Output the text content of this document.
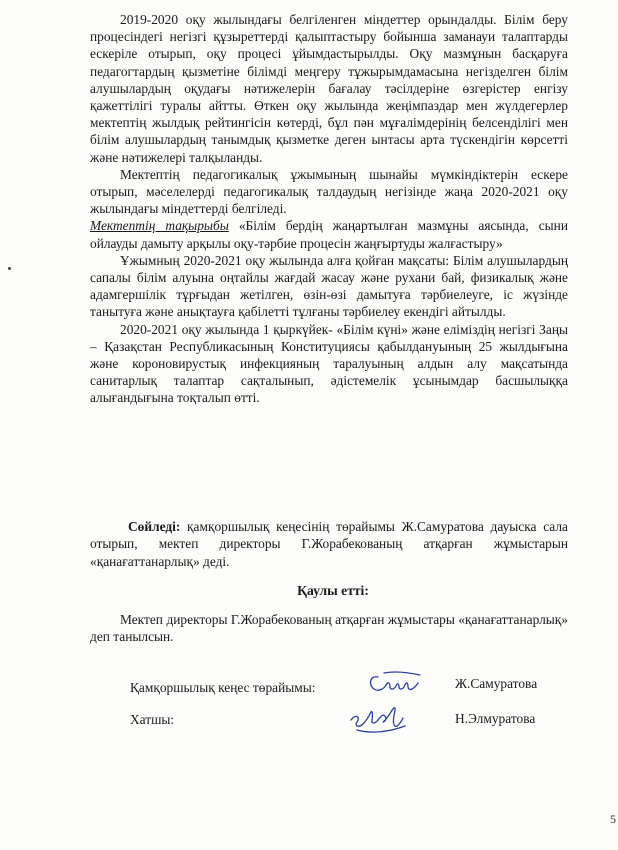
2019-2020 оқу жылындағы белгіленген міндеттер орындалды. Білім беру процесіндегі негізгі құзыреттерді қалыптастыру бойынша заманауи талаптарды ескеріле отырып, оқу процесі ұйымдастырылды. Оқу мазмұнын басқаруға педагогтардың қызметіне білімді меңгеру тұжырымдамасына негізделген білім алушылардың оқудағы нәтижелерін бағалау тәсілдеріне өзгерістер енгізу қажеттілігі туралы айтты. Өткен оқу жылында жеңімпаздар мен жүлдегерлер мектептің жылдық рейтингісін көтерді, бұл пән мұғалімдерінің белсенділігі мен білім алушылардың танымдық қызметке деген ынтасы арта түскендігін көрсетті және нәтижелері талқыланды.

Мектептің педагогикалық ұжымының шынайы мүмкіндіктерін ескере отырып, мәселелерді педагогикалық талдаудың негізінде жаңа 2020-2021 оқу жылындағы міндеттерді белгіледі.

Мектептің тақырыбы «Білім бердің жаңартылған мазмұны аясында, сыни ойлауды дамыту арқылы оқу-тәрбие процесін жаңғыртуды жалғастыру»

Ұжымның 2020-2021 оқу жылында алға қойған мақсаты: Білім алушылардың сапалы білім алуына оңтайлы жағдай жасау және рухани бай, физикалық және адамгершілік тұрғыдан жетілген, өзін-өзі дамытуға тәрбиелеуге, іс жүзінде танытуға және анықтауға қабілетті тұлғаны тәрбиелеу екендігі айтылды.

2020-2021 оқу жылында 1 қыркүйек- «Білім күні» және еліміздің негізгі Заңы – Қазақстан Республикасының Конституциясы қабылдануының 25 жылдығына және короновирустық инфекцияның таралуының алдын алу мақсатында санитарлық талаптар сақталынып, әдістемелік ұсынымдар басшылыққа алығандығына тоқталып өтті.

Сөйледі: қамқоршылық кеңесінің төрайымы Ж.Самуратова дауыска сала отырып, мектеп директоры Г.Жорабекованың атқарған жұмыстарын «қанағаттанарлық» деді.

Қаулы етті:

Мектеп директоры Г.Жорабекованың атқарған жұмыстары «қанағаттанарлық» деп танылсын.

Қамқоршылық кеңес төрайымы:	Ж.Самуратова
Хатшы:	Н.Элмуратова
5
